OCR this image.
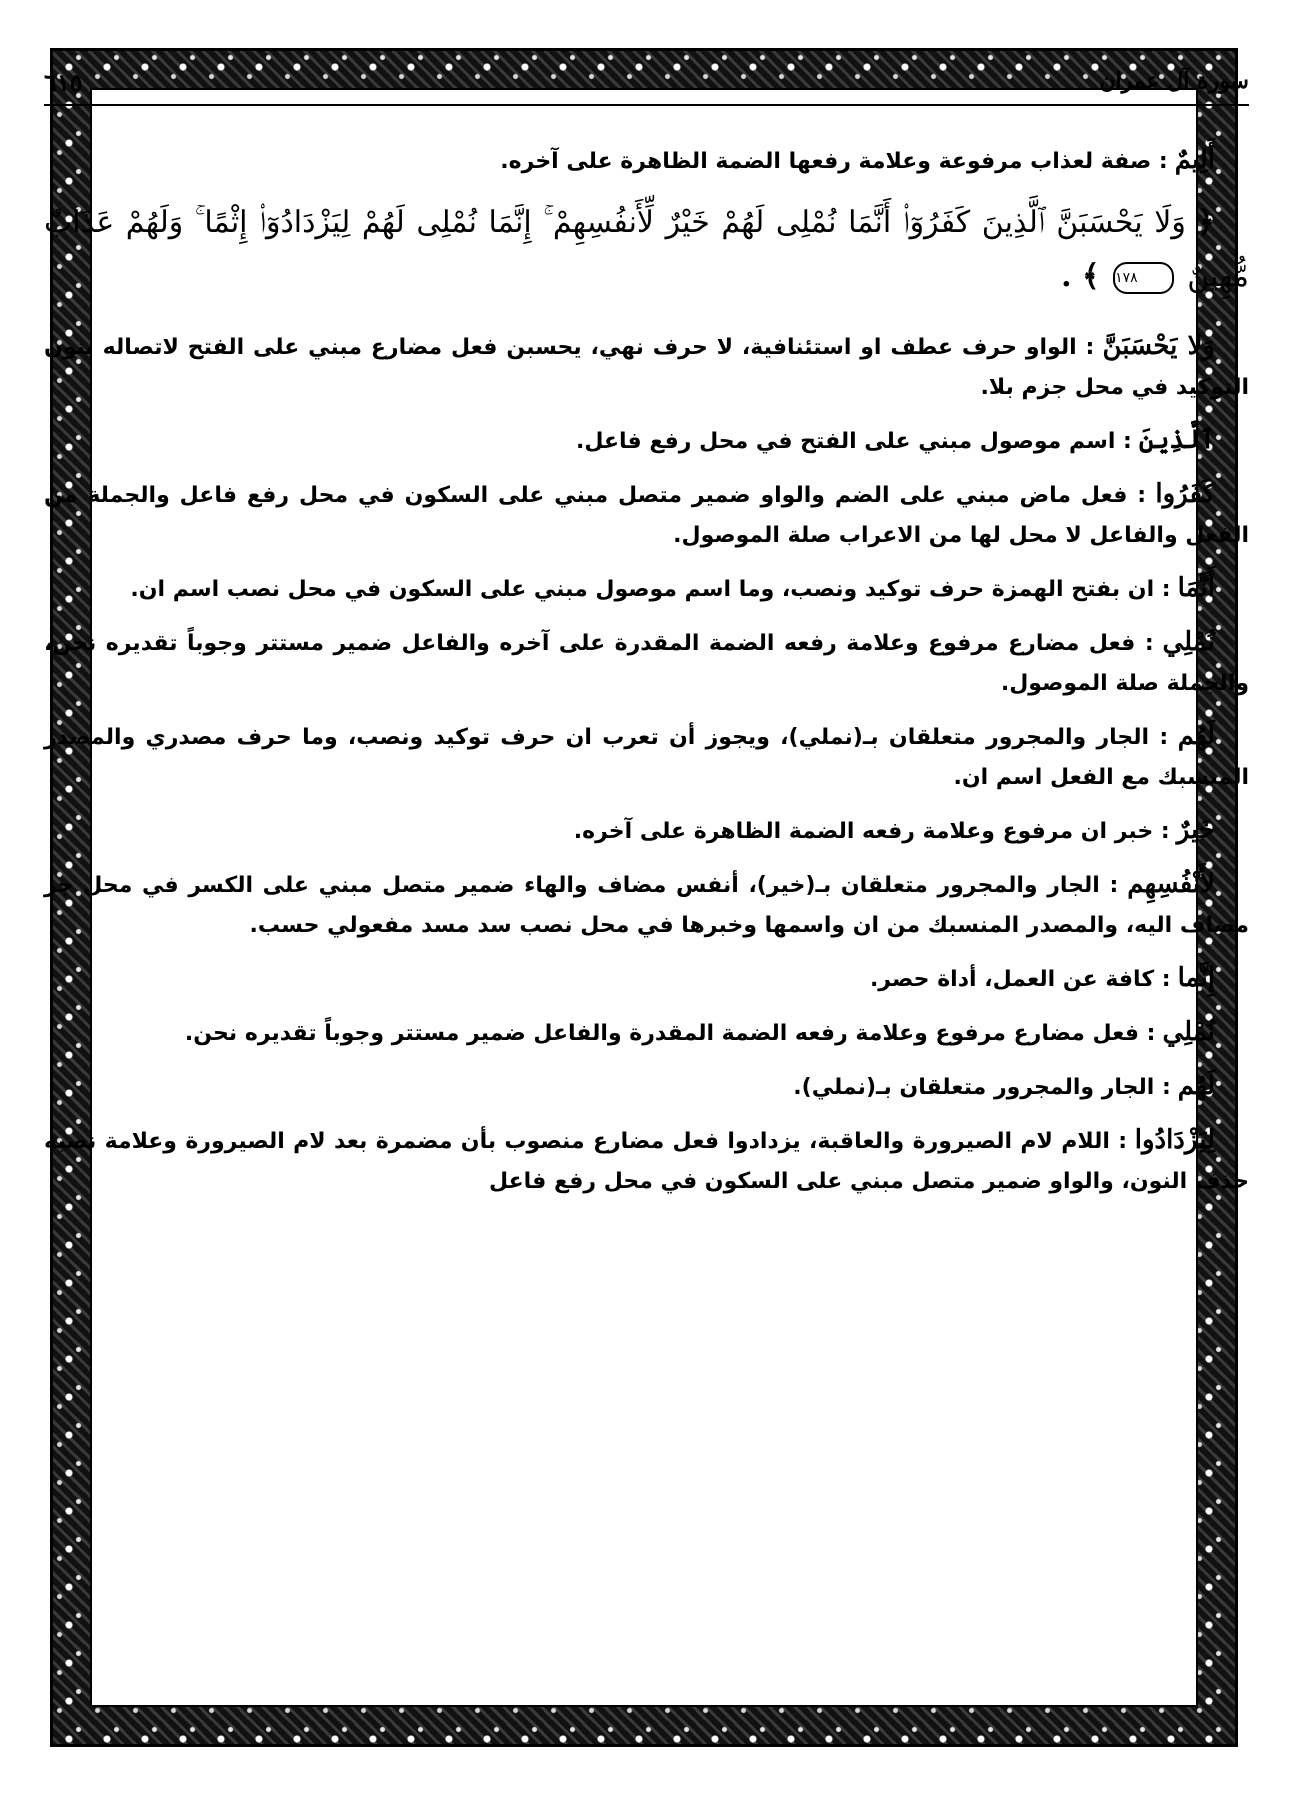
٦١٥	سورة آل عمران

أَلِيمٌ : صفة لعذاب مرفوعة وعلامة رفعها الضمة الظاهرة على آخره.

﴿ وَلَا يَحْسَبَنَّ ٱلَّذِينَ كَفَرُوٓا۟ أَنَّمَا نُمْلِى لَهُمْ خَيْرٌ لِّأَنفُسِهِمْ ۚ إِنَّمَا نُمْلِى لَهُمْ لِيَزْدَادُوٓا۟ إِثْمًا ۚ وَلَهُمْ عَذَابٌ مُّهِينٌ ١٧٨ ﴾ .

وَلا يَحْسَبَنَّ : الواو حرف عطف او استئنافية، لا حرف نهي، يحسبن فعل مضارع مبني على الفتح لاتصاله بنون التوكيد في محل جزم بلا.

ٱلَّذِينَ : اسم موصول مبني على الفتح في محل رفع فاعل.

كَفَرُوا : فعل ماض مبني على الضم والواو ضمير متصل مبني على السكون في محل رفع فاعل والجملة من الفعل والفاعل لا محل لها من الاعراب صلة الموصول.

أَنَّمَا : ان بفتح الهمزة حرف توكيد ونصب، وما اسم موصول مبني على السكون في محل نصب اسم ان.

نُمْلِي : فعل مضارع مرفوع وعلامة رفعه الضمة المقدرة على آخره والفاعل ضمير مستتر وجوباً تقديره نحن، والجملة صلة الموصول.

لَهُم : الجار والمجرور متعلقان بـ(نملي)، ويجوز أن تعرب ان حرف توكيد ونصب، وما حرف مصدري والمصدر المنسبك مع الفعل اسم ان.

خَيرٌ : خبر ان مرفوع وعلامة رفعه الضمة الظاهرة على آخره.

لأَنْفُسِهِم : الجار والمجرور متعلقان بـ(خير)، أنفس مضاف والهاء ضمير متصل مبني على الكسر في محل جر مضاف اليه، والمصدر المنسبك من ان واسمها وخبرها في محل نصب سد مسد مفعولي حسب.

إِنَّما : كافة عن العمل، أداة حصر.

نُمْلِي : فعل مضارع مرفوع وعلامة رفعه الضمة المقدرة والفاعل ضمير مستتر وجوباً تقديره نحن.

لَهُم : الجار والمجرور متعلقان بـ(نملي).

لِيَزْدَادُوا : اللام لام الصيرورة والعاقبة، يزدادوا فعل مضارع منصوب بأن مضمرة بعد لام الصيرورة وعلامة نصبه حذف النون، والواو ضمير متصل مبني على السكون في محل رفع فاعل
